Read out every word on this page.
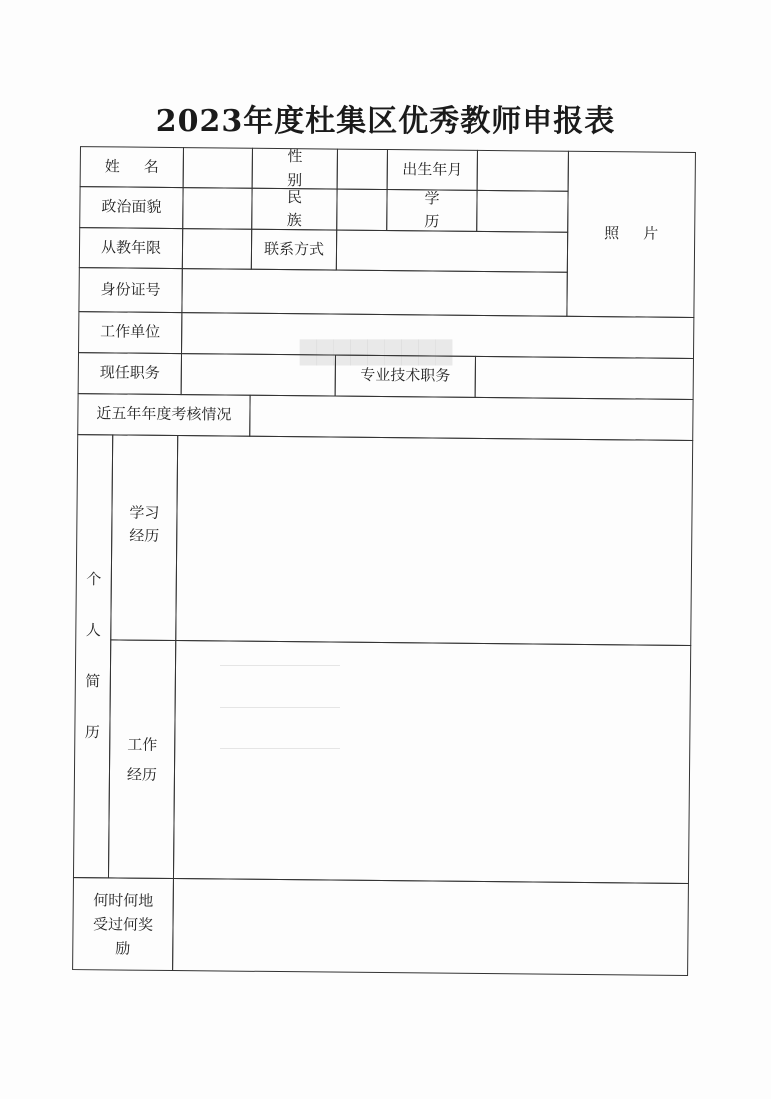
█████████
2023年度杜集区优秀教师申报表
姓名
性别
出生年月
照片
政治面貌
民族
学历
从教年限	联系方式
身份证号
工作单位
现任职务	专业技术职务
近五年年度考核情况
个
人
简
历
学习经历
工作经历
何时何地受过何奖励
